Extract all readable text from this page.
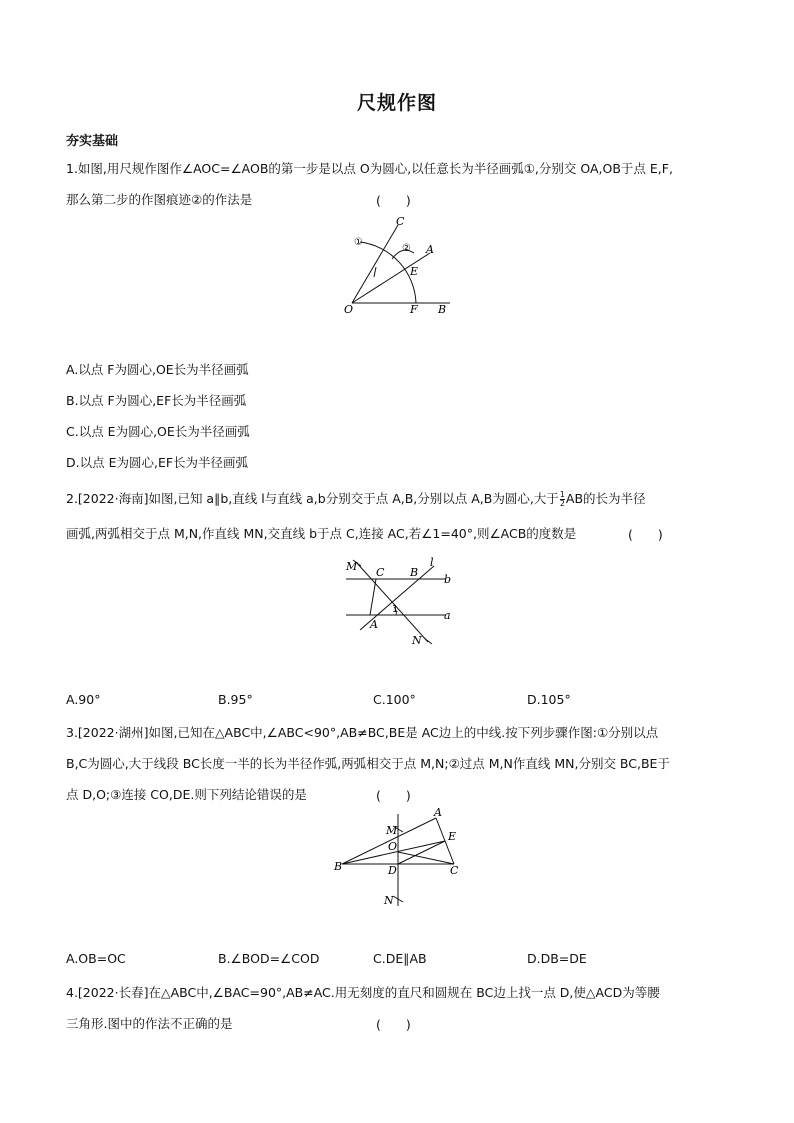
尺规作图
夯实基础
1.如图,用尺规作图作∠AOC=∠AOB的第一步是以点 O为圆心,以任意长为半径画弧①,分别交 OA,OB于点 E,F,
那么第二步的作图痕迹②的作法是	(　　)
C
A
E
O	F B
①
②
A.以点 F为圆心,OE长为半径画弧
B.以点 F为圆心,EF长为半径画弧
C.以点 E为圆心,OE长为半径画弧
D.以点 E为圆心,EF长为半径画弧
2.[2022·海南]如图,已知 a∥b,直线 l与直线 a,b分别交于点 A,B,分别以点 A,B为圆心,大于 $\frac{1}{2}$ AB的长为半径
画弧,两弧相交于点 M,N,作直线 MN,交直线 b于点 C,连接 AC,若∠1=40°,则∠ACB的度数是	(　　)
M C B
l
b
1	a
A
N
A.90°	B.95°	C.100°	D.105°
3.[2022·湖州]如图,已知在△ABC中,∠ABC<90°,AB≠BC,BE是 AC边上的中线.按下列步骤作图:①分别以点
B,C为圆心,大于线段 BC长度一半的长为半径作弧,两弧相交于点 M,N;②过点 M,N作直线 MN,分别交 BC,BE于
点 D,O;③连接 CO,DE.则下列结论错误的是	(　　)
M
A
O
E
B	D	C
N
A.OB=OC	B.∠BOD=∠COD	C.DE∥AB	D.DB=DE
4.[2022·长春]在△ABC中,∠BAC=90°,AB≠AC.用无刻度的直尺和圆规在 BC边上找一点 D,使△ACD为等腰
三角形.图中的作法不正确的是	(　　)
